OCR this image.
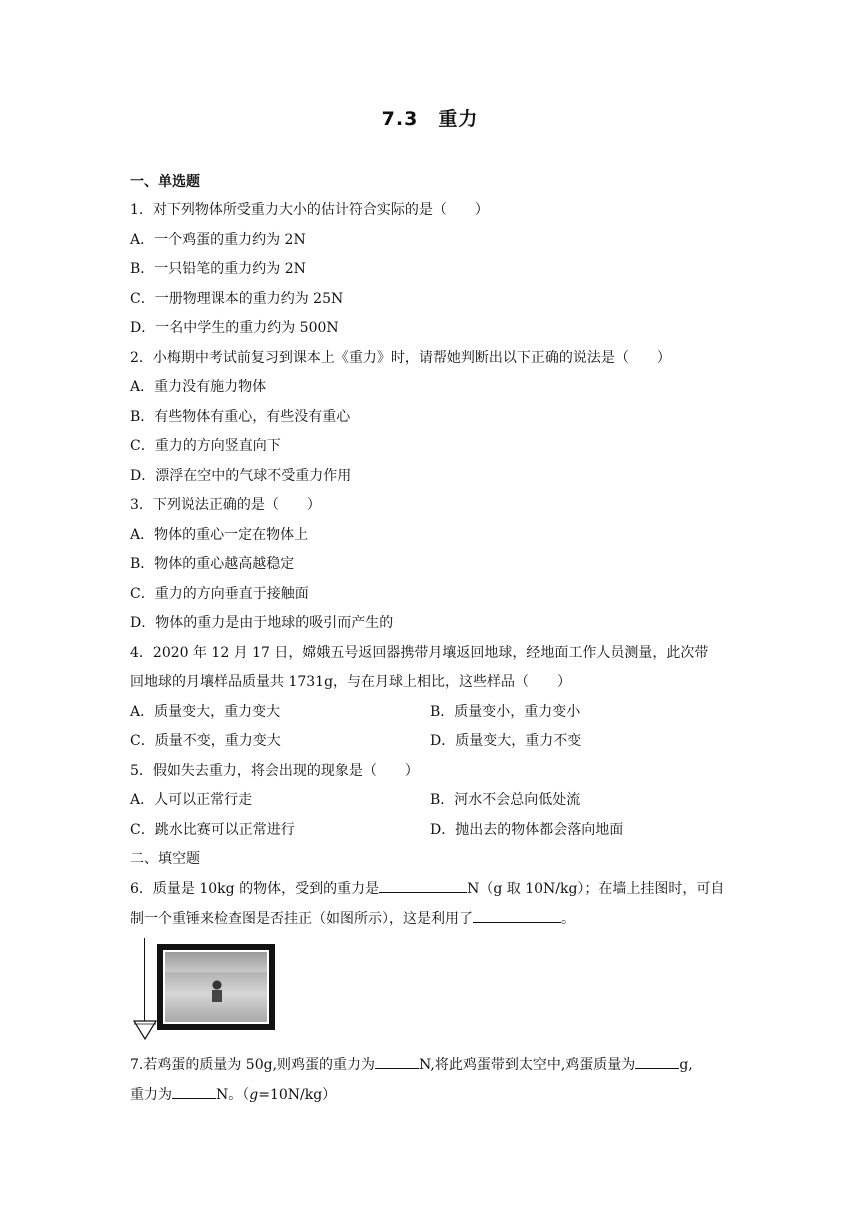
7.3　重力
一、单选题
1．对下列物体所受重力大小的估计符合实际的是（　　）
A．一个鸡蛋的重力约为 2N
B．一只铅笔的重力约为 2N
C．一册物理课本的重力约为 25N
D．一名中学生的重力约为 500N
2．小梅期中考试前复习到课本上《重力》时，请帮她判断出以下正确的说法是（　　）
A．重力没有施力物体
B．有些物体有重心，有些没有重心
C．重力的方向竖直向下
D．漂浮在空中的气球不受重力作用
3．下列说法正确的是（　　）
A．物体的重心一定在物体上
B．物体的重心越高越稳定
C．重力的方向垂直于接触面
D．物体的重力是由于地球的吸引而产生的
4．2020 年 12 月 17 日，嫦娥五号返回器携带月壤返回地球，经地面工作人员测量，此次带
回地球的月壤样品质量共 1731g，与在月球上相比，这些样品（　　）
A．质量变大，重力变大	B．质量变小，重力变小
C．质量不变，重力变大	D．质量变大，重力不变
5．假如失去重力，将会出现的现象是（　　）
A．人可以正常行走	B．河水不会总向低处流
C．跳水比赛可以正常进行	D．抛出去的物体都会落向地面
二、填空题
6．质量是 10kg 的物体，受到的重力是	N（g 取 10N/kg）；在墙上挂图时，可自
制一个重锤来检查图是否挂正（如图所示），这是利用了	。
7.若鸡蛋的质量为 50g,则鸡蛋的重力为	N,将此鸡蛋带到太空中,鸡蛋质量为	g,
重力为	N。（g=10N/kg）
